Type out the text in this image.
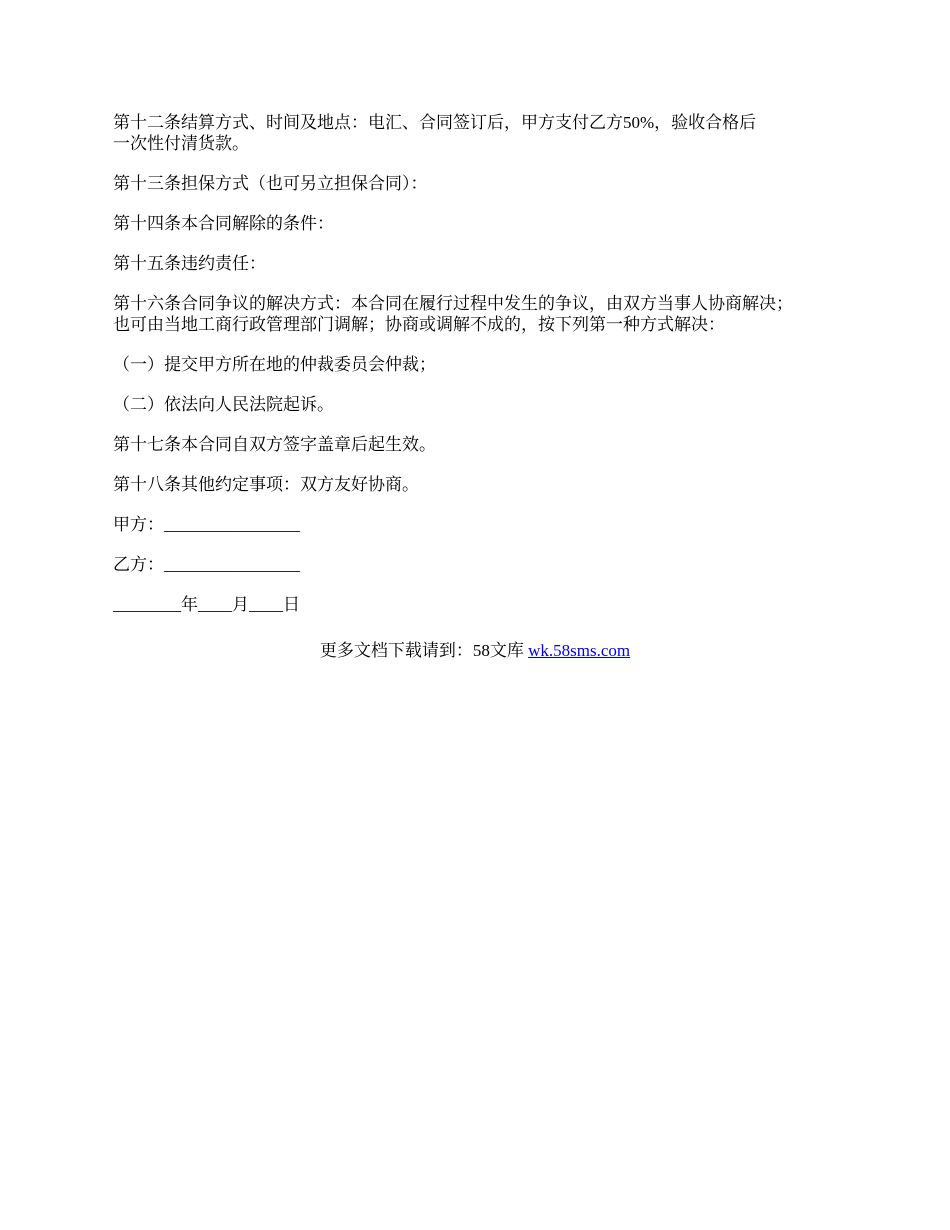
第十二条结算方式、时间及地点：电汇、合同签订后，甲方支付乙方50%，验收合格后
一次性付清货款。

第十三条担保方式（也可另立担保合同）：

第十四条本合同解除的条件：

第十五条违约责任：

第十六条合同争议的解决方式：本合同在履行过程中发生的争议，由双方当事人协商解决；
也可由当地工商行政管理部门调解；协商或调解不成的，按下列第一种方式解决：

（一）提交甲方所在地的仲裁委员会仲裁；

（二）依法向人民法院起诉。

第十七条本合同自双方签字盖章后起生效。

第十八条其他约定事项：双方友好协商。

甲方：________________

乙方：________________

________年____月____日

更多文档下载请到：58文库 wk.58sms.com
